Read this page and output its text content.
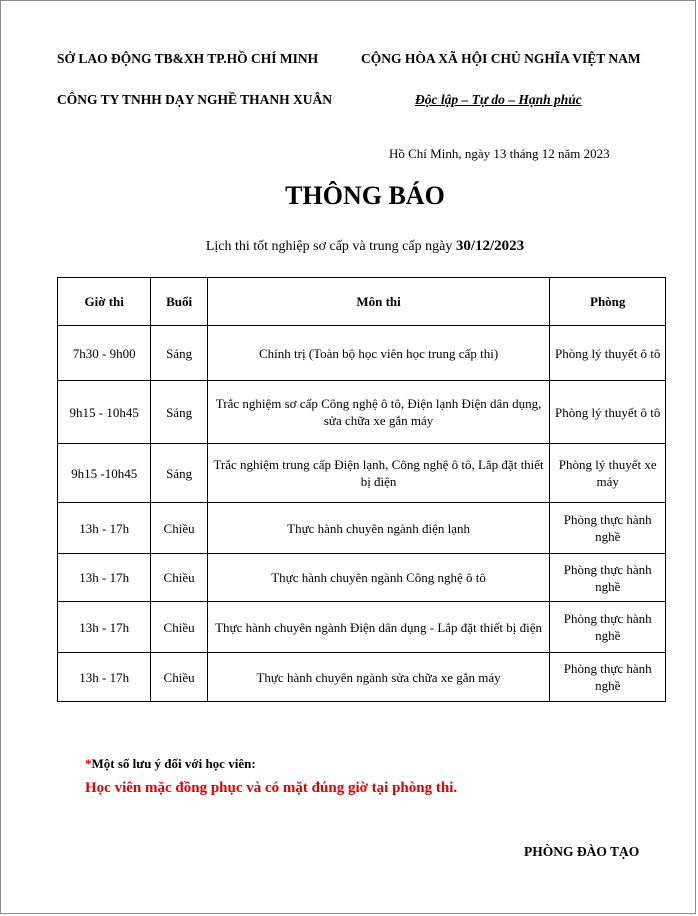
SỞ LAO ĐỘNG TB&XH TP.HỒ CHÍ MINH
CÔNG TY TNHH DẠY NGHỀ THANH XUÂN
CỘNG HÒA XÃ HỘI CHỦ NGHĨA VIỆT NAM
Độc lập – Tự do – Hạnh phúc
Hồ Chí Minh, ngày 13 tháng 12 năm 2023
THÔNG BÁO
Lịch thi tốt nghiệp sơ cấp và trung cấp ngày 30/12/2023
Giờ thi	Buổi	Môn thi	Phòng
7h30 - 9h00	Sáng	Chính trị (Toàn bộ học viên học trung cấp thi)	Phòng lý thuyết ô tô
9h15 - 10h45	Sáng	Trắc nghiệm sơ cấp Công nghệ ô tô, Điện lạnh Điện dân dụng, sửa chữa xe gắn máy	Phòng lý thuyết ô tô
9h15 -10h45	Sáng	Trắc nghiệm trung cấp Điện lạnh, Công nghệ ô tô, Lắp đặt thiết bị điện	Phòng lý thuyết xe máy
13h - 17h	Chiều	Thực hành chuyên ngành điện lạnh	Phòng thực hành nghề
13h - 17h	Chiều	Thực hành chuyên ngành Công nghệ ô tô	Phòng thực hành nghề
13h - 17h	Chiều	Thực hành chuyên ngành Điện dân dụng - Lắp đặt thiết bị điện	Phòng thực hành nghề
13h - 17h	Chiều	Thực hành chuyên ngành sửa chữa xe gắn máy	Phòng thực hành nghề
*Một số lưu ý đối với học viên:
Học viên mặc đồng phục và có mặt đúng giờ tại phòng thi.
PHÒNG ĐÀO TẠO
